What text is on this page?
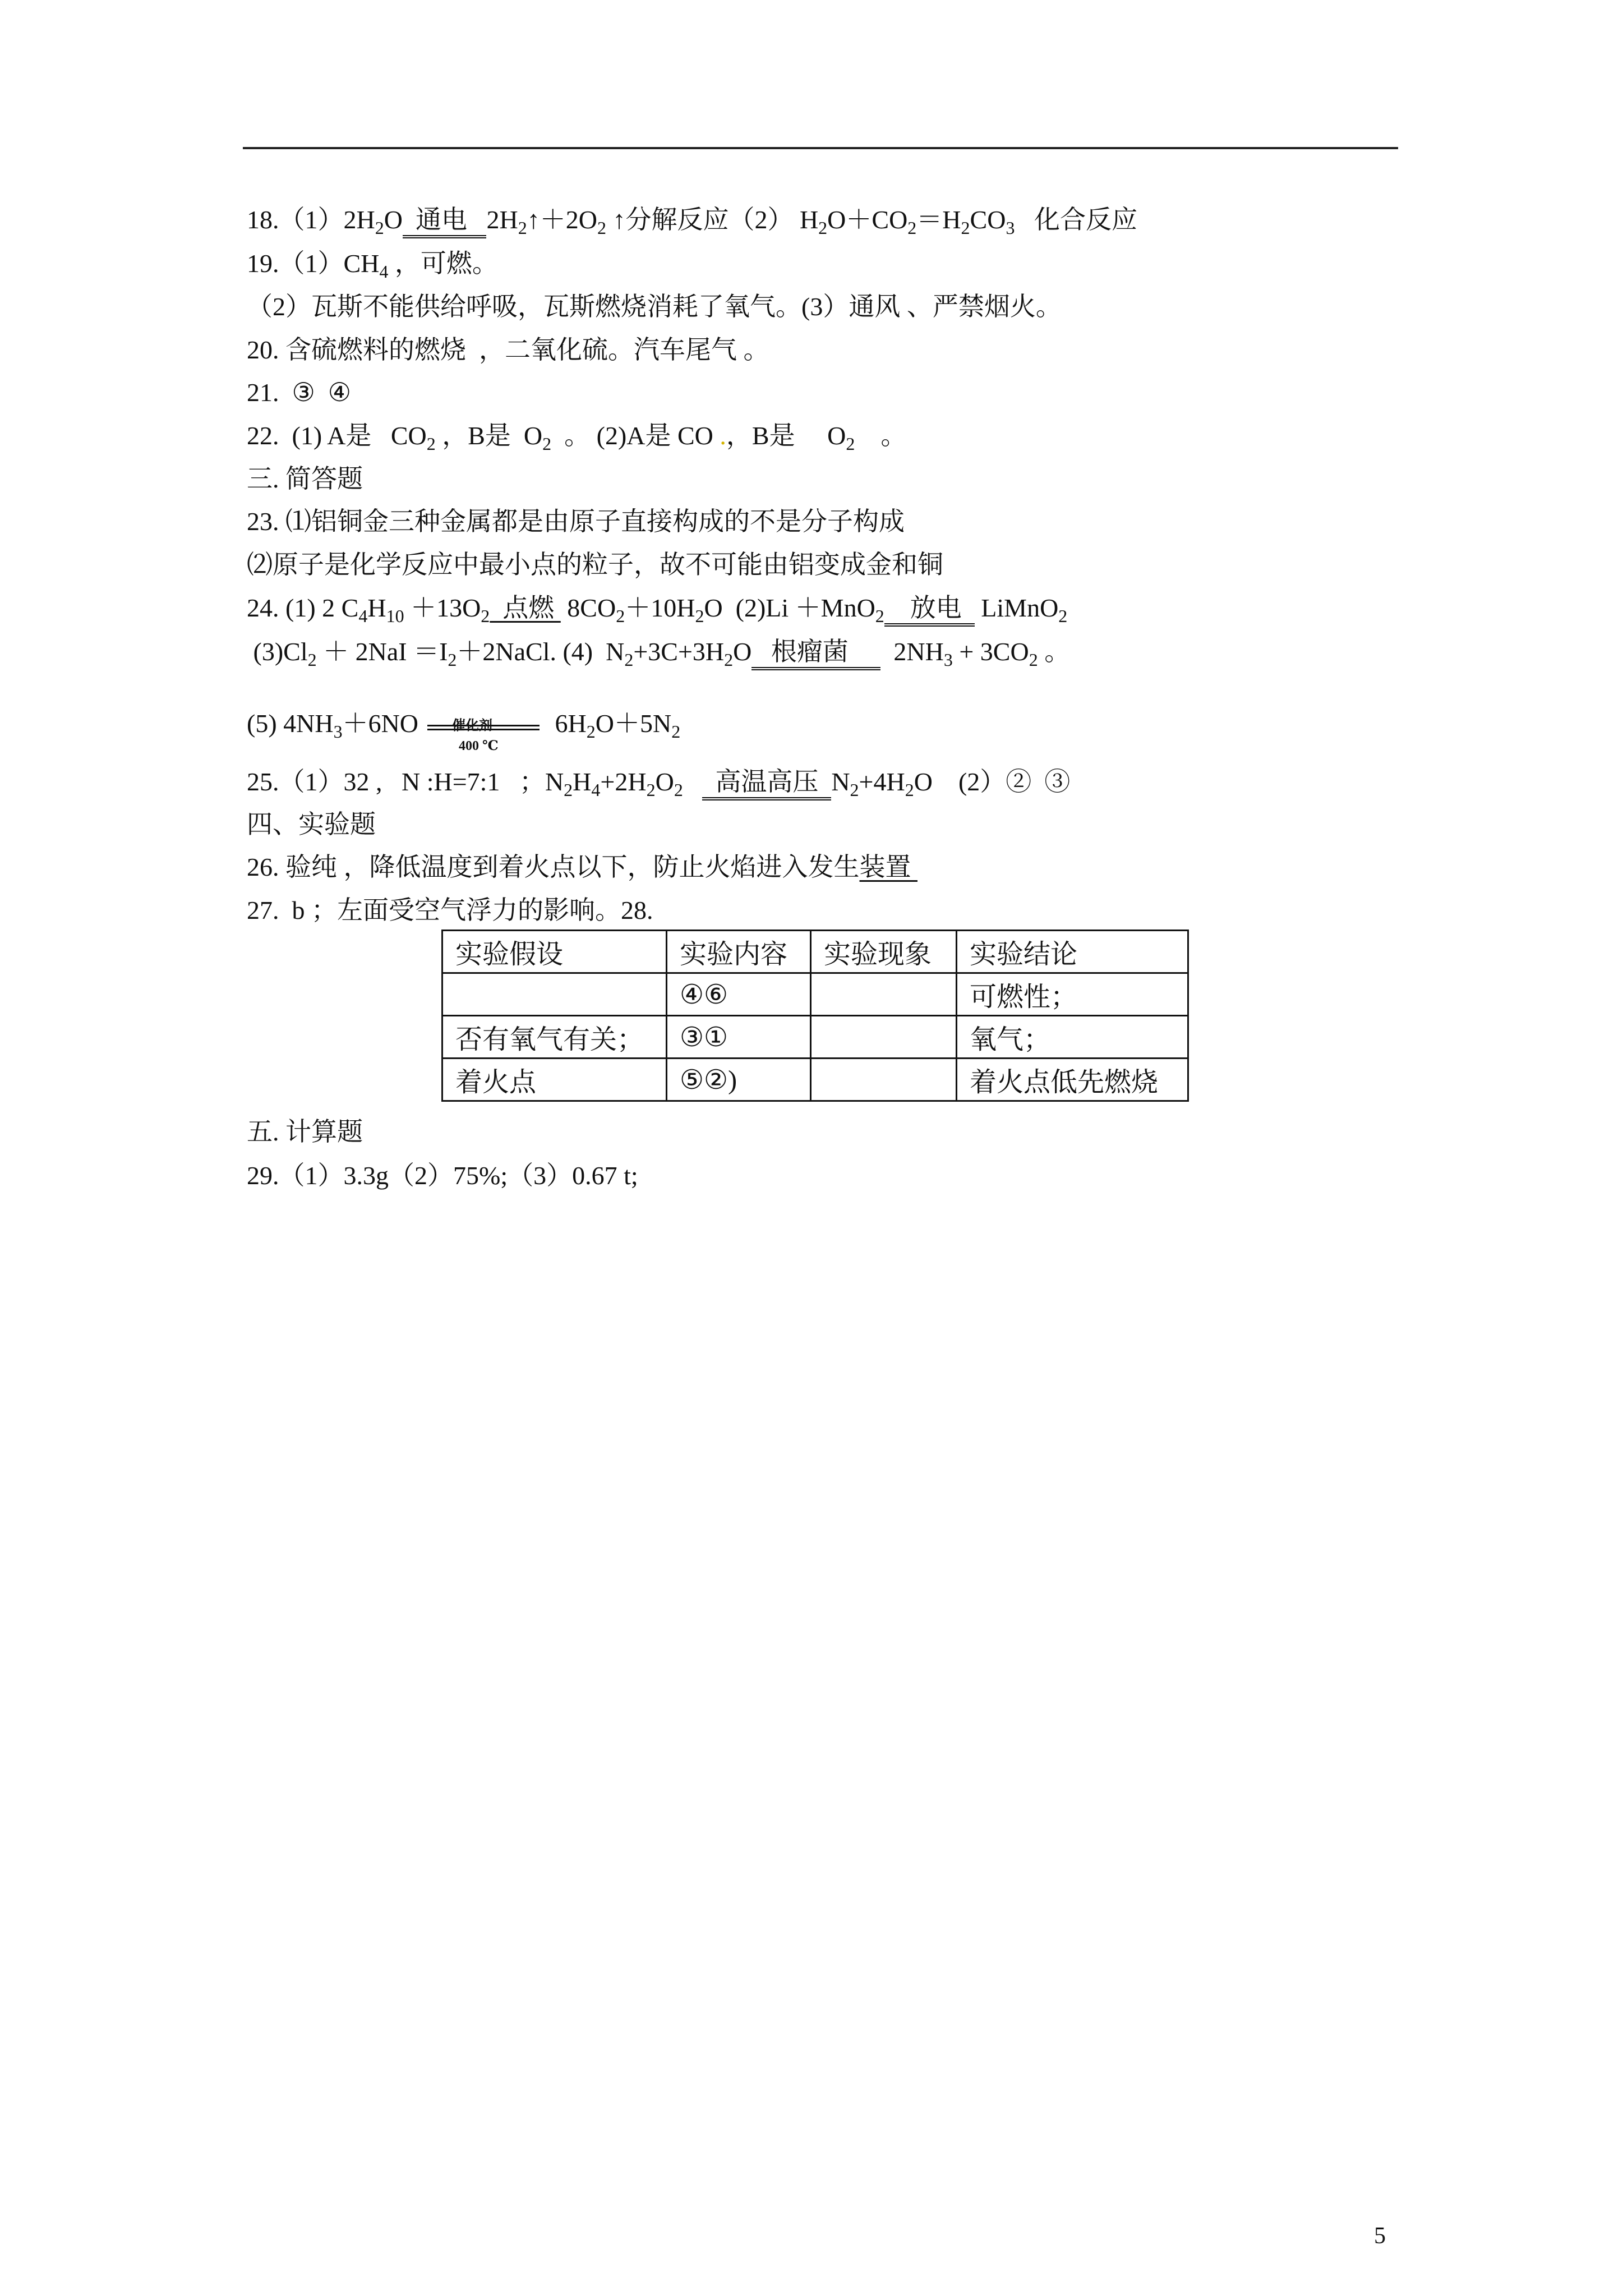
$18.(1)2H_2O$  通电   $2H_2↑+2O_2$ ↑分解反应（2） $H_2O+CO_2=H_2CO_3$   化合反应
$19.(1)CH_4$ ，可燃。
（2）瓦斯不能供给呼吸，瓦斯燃烧消耗了氧气。(3）通风 、严禁烟火。
20. 含硫燃料的燃烧  ，二氧化硫。汽车尾气 。
21.  ③  ④
22.  (1) A是   $CO_2$ ，B是  $O_2$  。 (2)A是 CO .，B是     $O_2$    。
三. 简答题
23. ⑴铝铜金三种金属都是由原子直接构成的不是分子构成
⑵原子是化学反应中最小点的粒子，故不可能由铝变成金和铜
24. (1) 2 $C_4H_{10} +13O_2$  点燃  $8CO_2+10H_2O$  (2)Li ＋MnO$_2$    放电   LiMnO$_2$
$(3)Cl_2 + 2NaI$ $=I_2+2NaCl$. (4)  $N_2+3C+3H_2O$   根瘤菌       $2NH_3 + 3CO_2$ 。
(5) $4NH_3+6NO$	催化剂
400 ℃
$6H_2O+5N_2$
25.（1）32 ,   N :H=7:1   ；$N_2H_4+2H_2O_2$     高温高压  $N_2+4H_2O$    (2）②  ③
四、实验题
26. 验纯 ，降低温度到着火点以下，防止火焰进入发生装置
27.  b ；左面受空气浮力的影响。28.
实验假设	实验内容	实验现象	实验结论
	④⑥		可燃性；
否有氧气有关；	③①		氧气；
着火点	⑤②)		着火点低先燃烧
五. 计算题
29.（1）3.3g（2）75%;（3）0.67 t;
5
